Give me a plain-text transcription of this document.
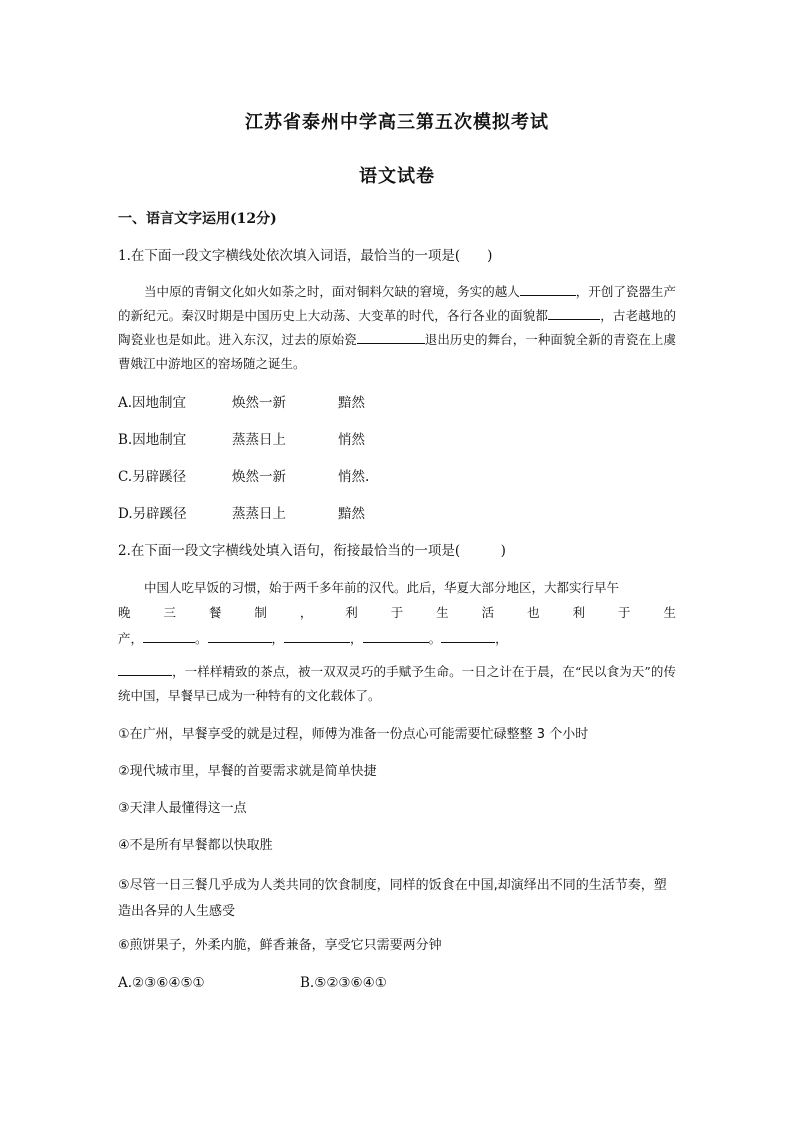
江苏省泰州中学高三第五次模拟考试
语文试卷
一、语言文字运用(12分)
1.在下面一段文字横线处依次填入词语，最恰当的一项是(　　)
当中原的青铜文化如火如荼之时，面对铜料欠缺的窘境，务实的越人	，开创了瓷器生产的新纪元。秦汉时期是中国历史上大动荡、大变革的时代，各行各业的面貌都	，古老越地的陶瓷业也是如此。进入东汉，过去的原始瓷	退出历史的舞台，一种面貌全新的青瓷在上虞曹娥江中游地区的窑场随之诞生。
A.因地制宜	焕然一新	黯然
B.因地制宜	蒸蒸日上	悄然
C.另辟蹊径	焕然一新	悄然.
D.另辟蹊径	蒸蒸日上	黯然
2.在下面一段文字横线处填入语句，衔接最恰当的一项是(　　　)
中国人吃早饭的习惯，始于两千多年前的汉代。此后，华夏大部分地区，大都实行早午
晚	三	餐	制	，	利	于	生	活	也	利	于	生
产，	。	，	，	。	，
，一样样精致的茶点，被一双双灵巧的手赋予生命。一日之计在于晨，在“民以食为天”的传统中国，早餐早已成为一种特有的文化载体了。
①在广州，早餐享受的就是过程，师傅为准备一份点心可能需要忙碌整整 3 个小时
②现代城市里，早餐的首要需求就是简单快捷
③天津人最懂得这一点
④不是所有早餐都以快取胜
⑤尽管一日三餐几乎成为人类共同的饮食制度，同样的饭食在中国,却演绎出不同的生活节奏，塑造出各异的人生感受
⑥煎饼果子，外柔内脆，鲜香兼备，享受它只需要两分钟
A.②③⑥④⑤①	B.⑤②③⑥④①
